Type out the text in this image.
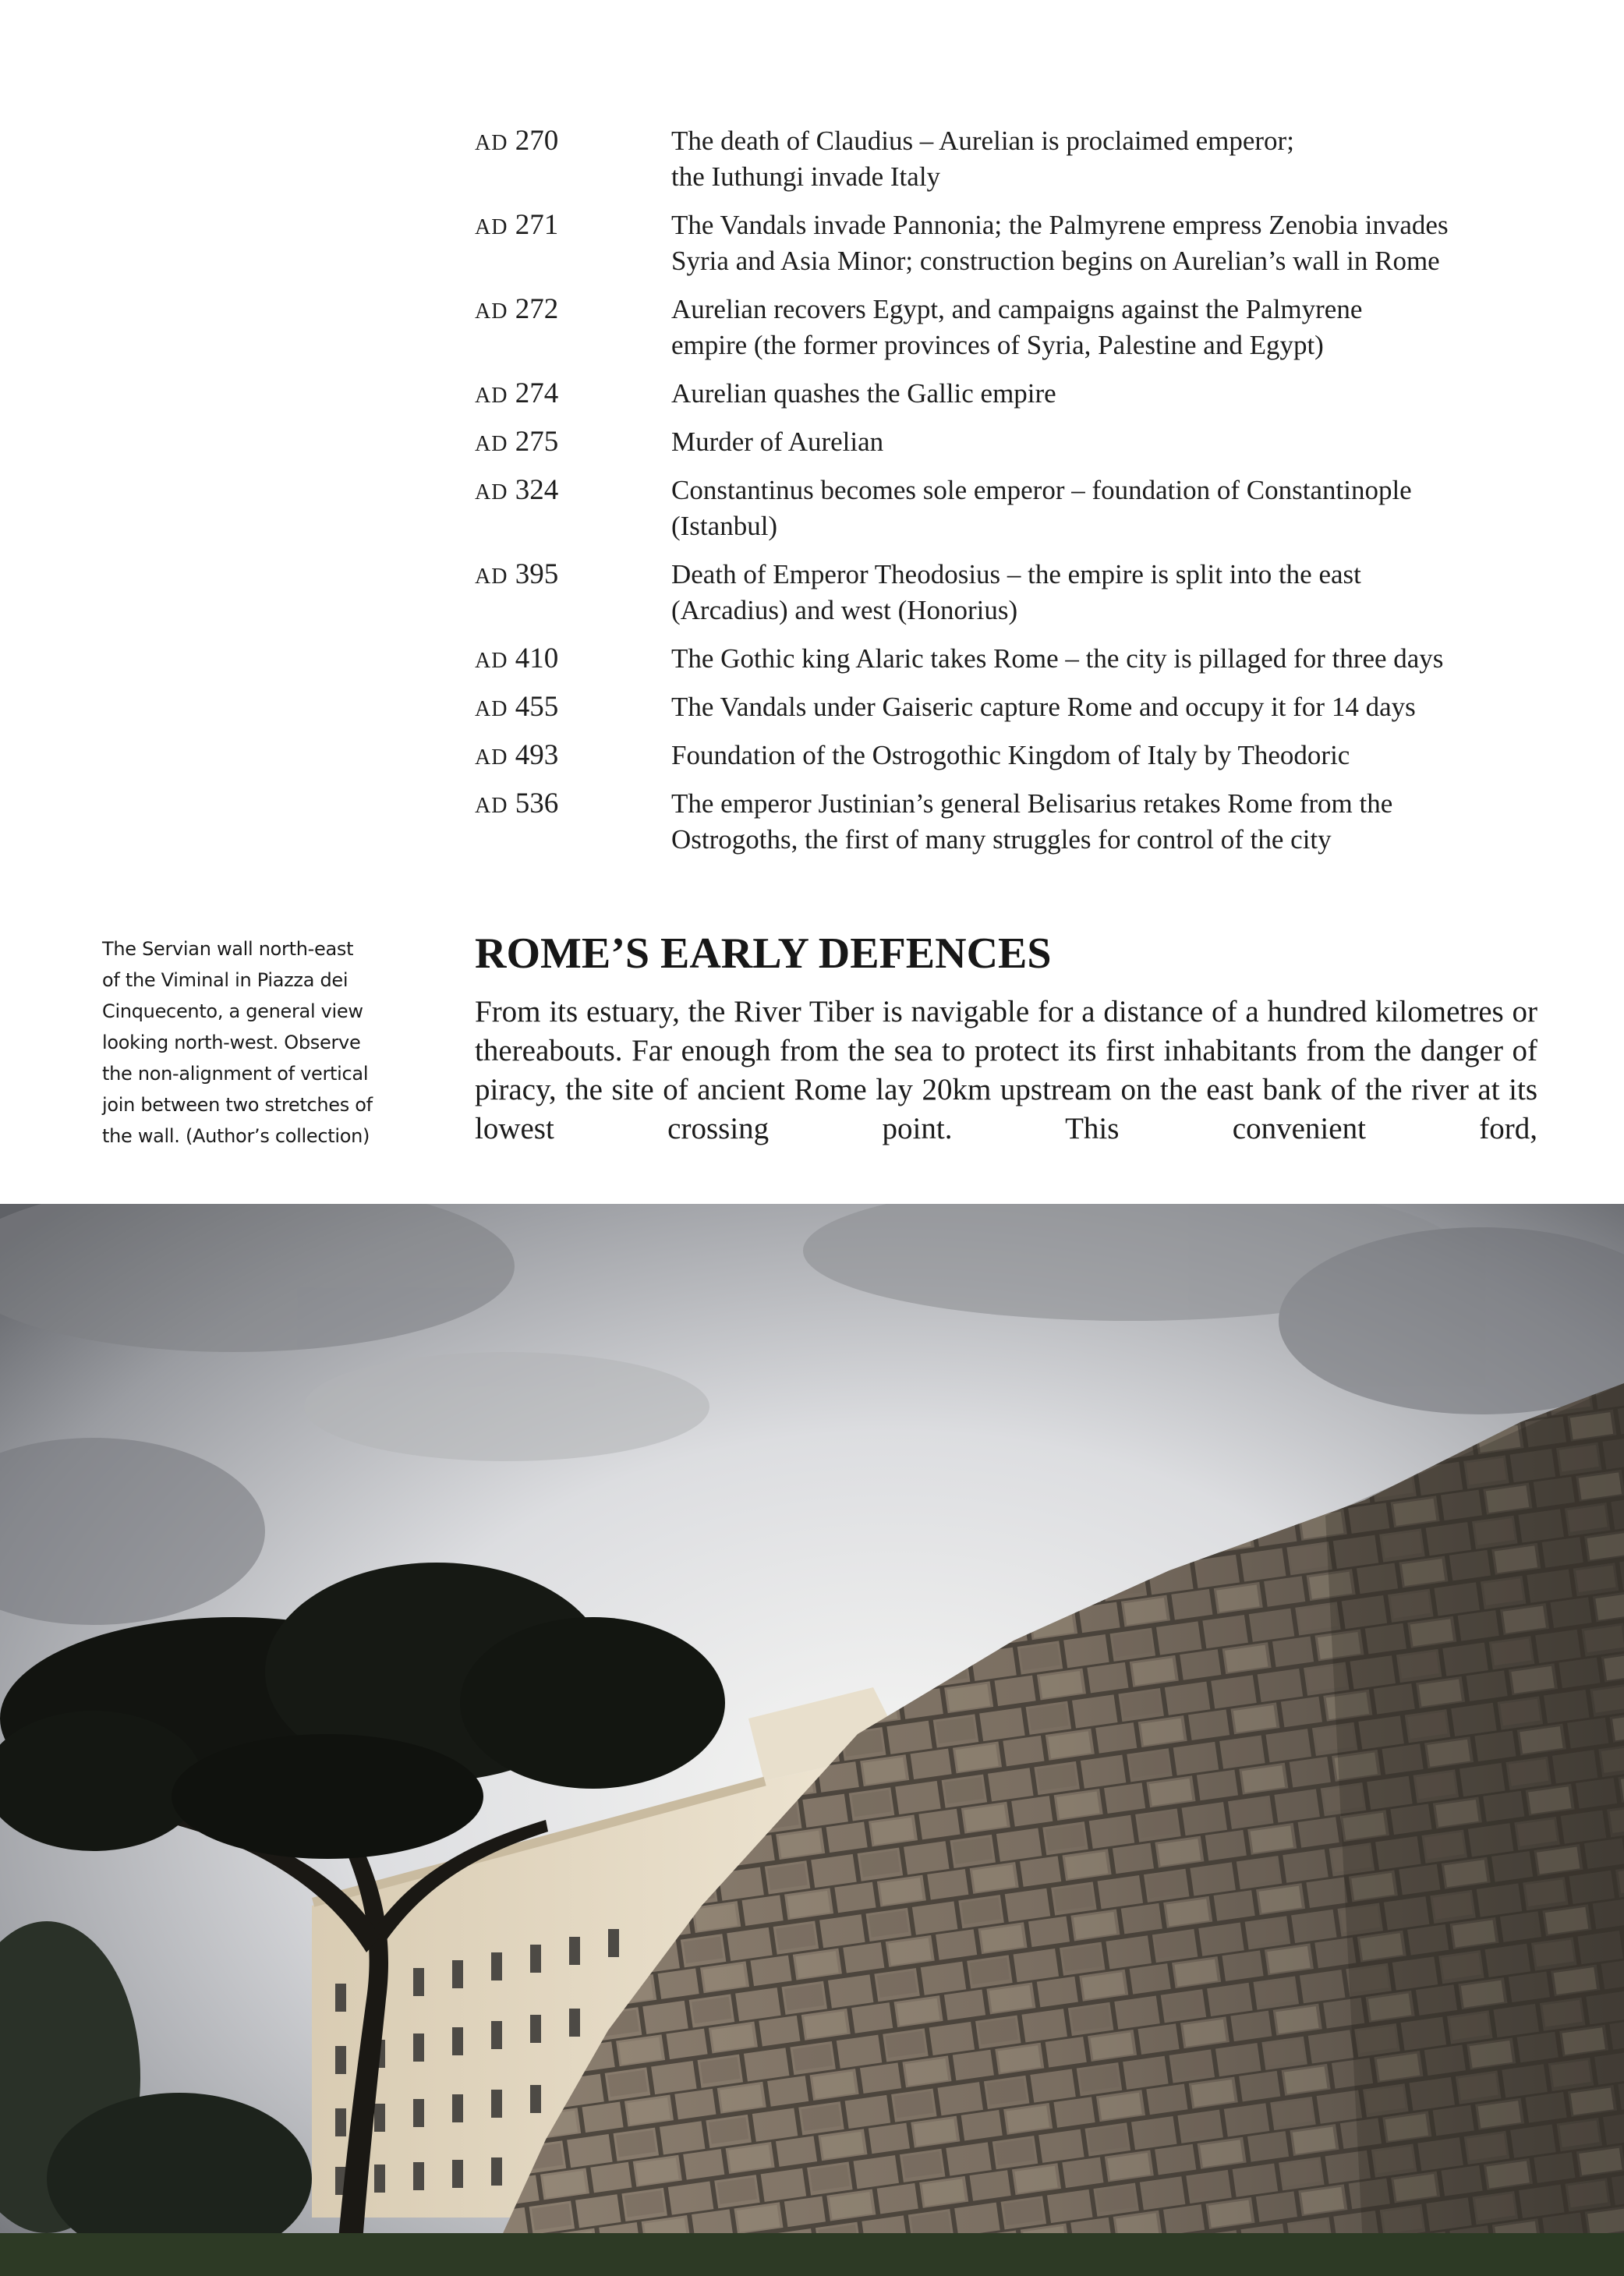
AD 270	The death of Claudius – Aurelian is proclaimed emperor;
the Iuthungi invade Italy
AD 271	The Vandals invade Pannonia; the Palmyrene empress Zenobia invades
Syria and Asia Minor; construction begins on Aurelian’s wall in Rome
AD 272	Aurelian recovers Egypt, and campaigns against the Palmyrene
empire (the former provinces of Syria, Palestine and Egypt)
AD 274	Aurelian quashes the Gallic empire
AD 275	Murder of Aurelian
AD 324	Constantinus becomes sole emperor – foundation of Constantinople
(Istanbul)
AD 395	Death of Emperor Theodosius – the empire is split into the east
(Arcadius) and west (Honorius)
AD 410	The Gothic king Alaric takes Rome – the city is pillaged for three days
AD 455	The Vandals under Gaiseric capture Rome and occupy it for 14 days
AD 493	Foundation of the Ostrogothic Kingdom of Italy by Theodoric
AD 536	The emperor Justinian’s general Belisarius retakes Rome from the
Ostrogoths, the first of many struggles for control of the city
The Servian wall north-east
of the Viminal in Piazza dei
Cinquecento, a general view
looking north-west. Observe
the non-alignment of vertical
join between two stretches of
the wall. (Author’s collection)
ROME’S EARLY DEFENCES

From its estuary, the River Tiber is navigable for a distance of a hundred kilometres or thereabouts. Far enough from the sea to protect its first inhabitants from the danger of piracy, the site of ancient Rome lay 20km upstream on the east bank of the river at its lowest crossing point. This convenient ford,
